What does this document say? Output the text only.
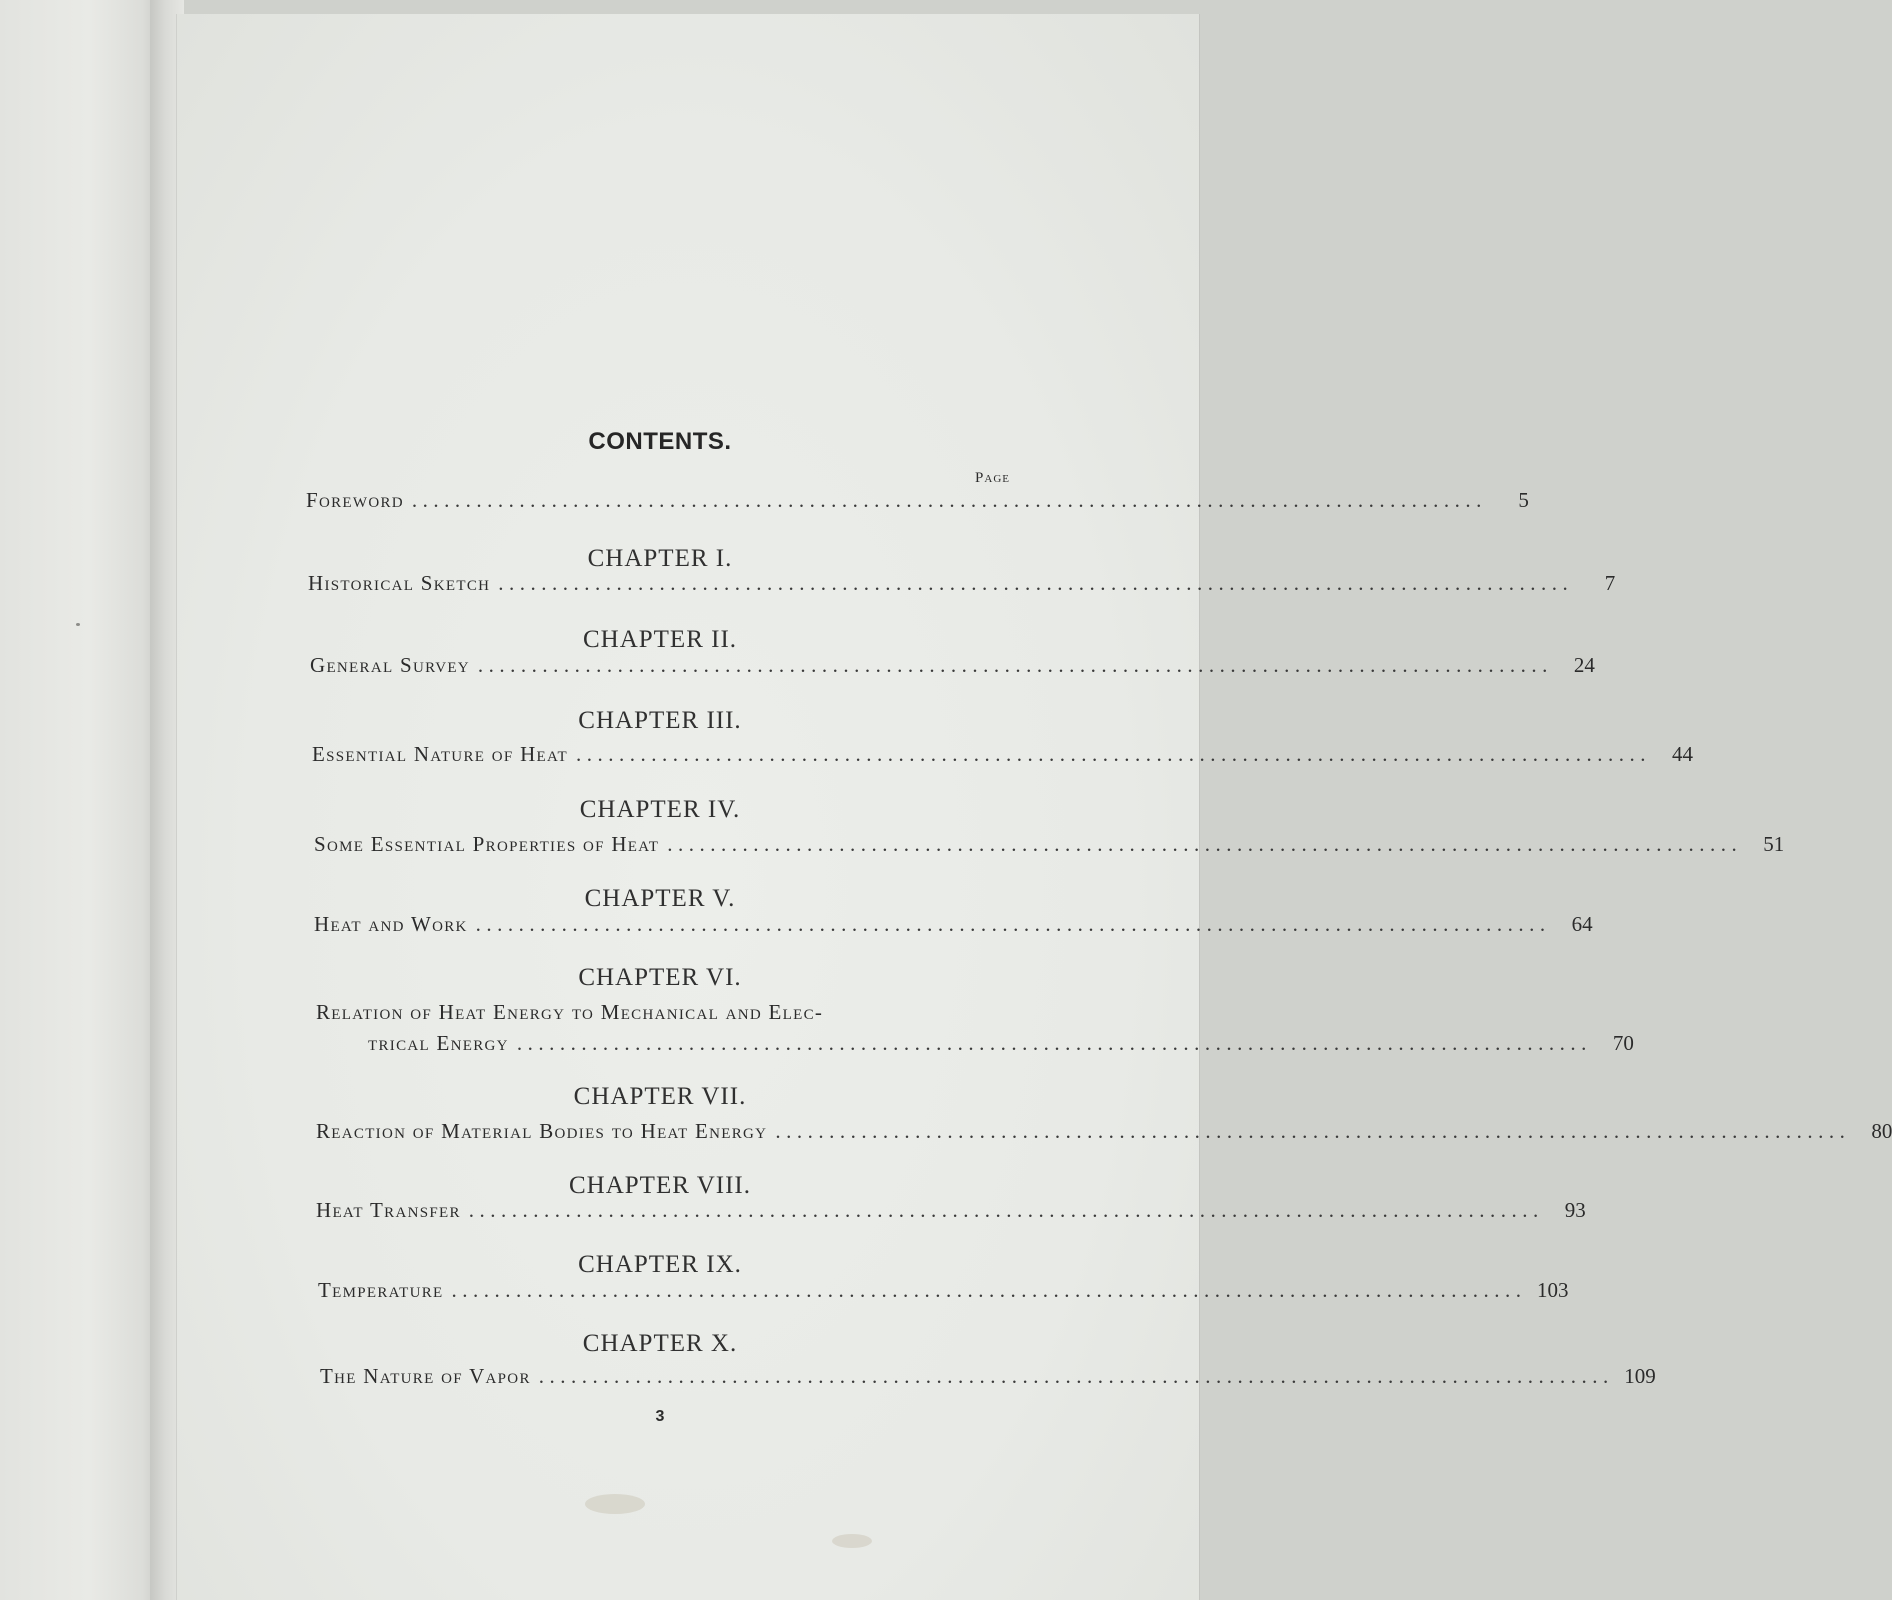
CONTENTS.
Page
Foreword ....................................................................................................	5
CHAPTER I.
Historical Sketch ....................................................................................................	7
CHAPTER II.
General Survey ....................................................................................................	24
CHAPTER III.
Essential Nature of Heat ....................................................................................................	44
CHAPTER IV.
Some Essential Properties of Heat ....................................................................................................	51
CHAPTER V.
Heat and Work ....................................................................................................	64
CHAPTER VI.
Relation of Heat Energy to Mechanical and Elec-
trical Energy ....................................................................................................	70
CHAPTER VII.
Reaction of Material Bodies to Heat Energy ....................................................................................................	80
CHAPTER VIII.
Heat Transfer ....................................................................................................	93
CHAPTER IX.
Temperature .................................................................................................... 103
CHAPTER X.
The Nature of Vapor .................................................................................................... 109
3
